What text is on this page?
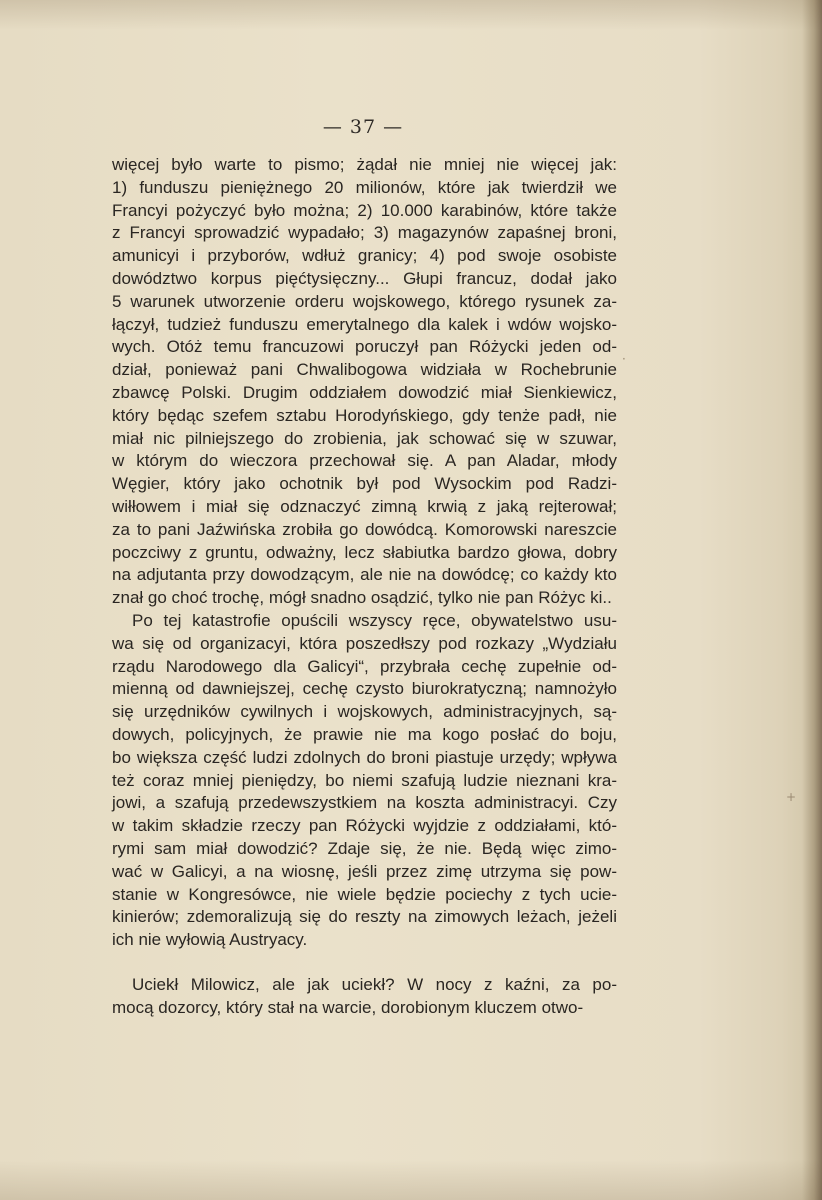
— 37 —
więcej było warte to pismo; żądał nie mniej nie więcej jak:
1) funduszu pieniężnego 20 milionów, które jak twierdził we
Francyi pożyczyć było można; 2) 10.000 karabinów, które także
z Francyi sprowadzić wypadało; 3) magazynów zapaśnej broni,
amunicyi i przyborów, wdłuż granicy; 4) pod swoje osobiste
dowództwo korpus pięćtysięczny... Głupi francuz, dodał jako
5 warunek utworzenie orderu wojskowego, którego rysunek za-
łączył, tudzież funduszu emerytalnego dla kalek i wdów wojsko-
wych. Otóż temu francuzowi poruczył pan Różycki jeden od-
dział, ponieważ pani Chwalibogowa widziała w Rochebrunie
zbawcę Polski. Drugim oddziałem dowodzić miał Sienkiewicz,
który będąc szefem sztabu Horodyńskiego, gdy tenże padł, nie
miał nic pilniejszego do zrobienia, jak schować się w szuwar,
w którym do wieczora przechował się. A pan Aladar, młody
Węgier, który jako ochotnik był pod Wysockim pod Radzi-
wiłłowem i miał się odznaczyć zimną krwią z jaką rejterował;
za to pani Jaźwińska zrobiła go dowódcą. Komorowski nareszcie
poczciwy z gruntu, odważny, lecz słabiutka bardzo głowa, dobry
na adjutanta przy dowodzącym, ale nie na dowódcę; co każdy kto
znał go choć trochę, mógł snadno osądzić, tylko nie pan Różyc ki..
Po tej katastrofie opuścili wszyscy ręce, obywatelstwo usu-
wa się od organizacyi, która poszedłszy pod rozkazy „Wydziału
rządu Narodowego dla Galicyi“, przybrała cechę zupełnie od-
mienną od dawniejszej, cechę czysto biurokratyczną; namnożyło
się urzędników cywilnych i wojskowych, administracyjnych, są-
dowych, policyjnych, że prawie nie ma kogo posłać do boju,
bo większa część ludzi zdolnych do broni piastuje urzędy; wpływa
też coraz mniej pieniędzy, bo niemi szafują ludzie nieznani kra-
jowi, a szafują przedewszystkiem na koszta administracyi. Czy
w takim składzie rzeczy pan Różycki wyjdzie z oddziałami, któ-
rymi sam miał dowodzić? Zdaje się, że nie. Będą więc zimo-
wać w Galicyi, a na wiosnę, jeśli przez zimę utrzyma się pow-
stanie w Kongresówce, nie wiele będzie pociechy z tych ucie-
kinierów; zdemoralizują się do reszty na zimowych leżach, jeżeli
ich nie wyłowią Austryacy.
Uciekł Milowicz, ale jak uciekł? W nocy z kaźni, za po-
mocą dozorcy, który stał na warcie, dorobionym kluczem otwo-
·
+
